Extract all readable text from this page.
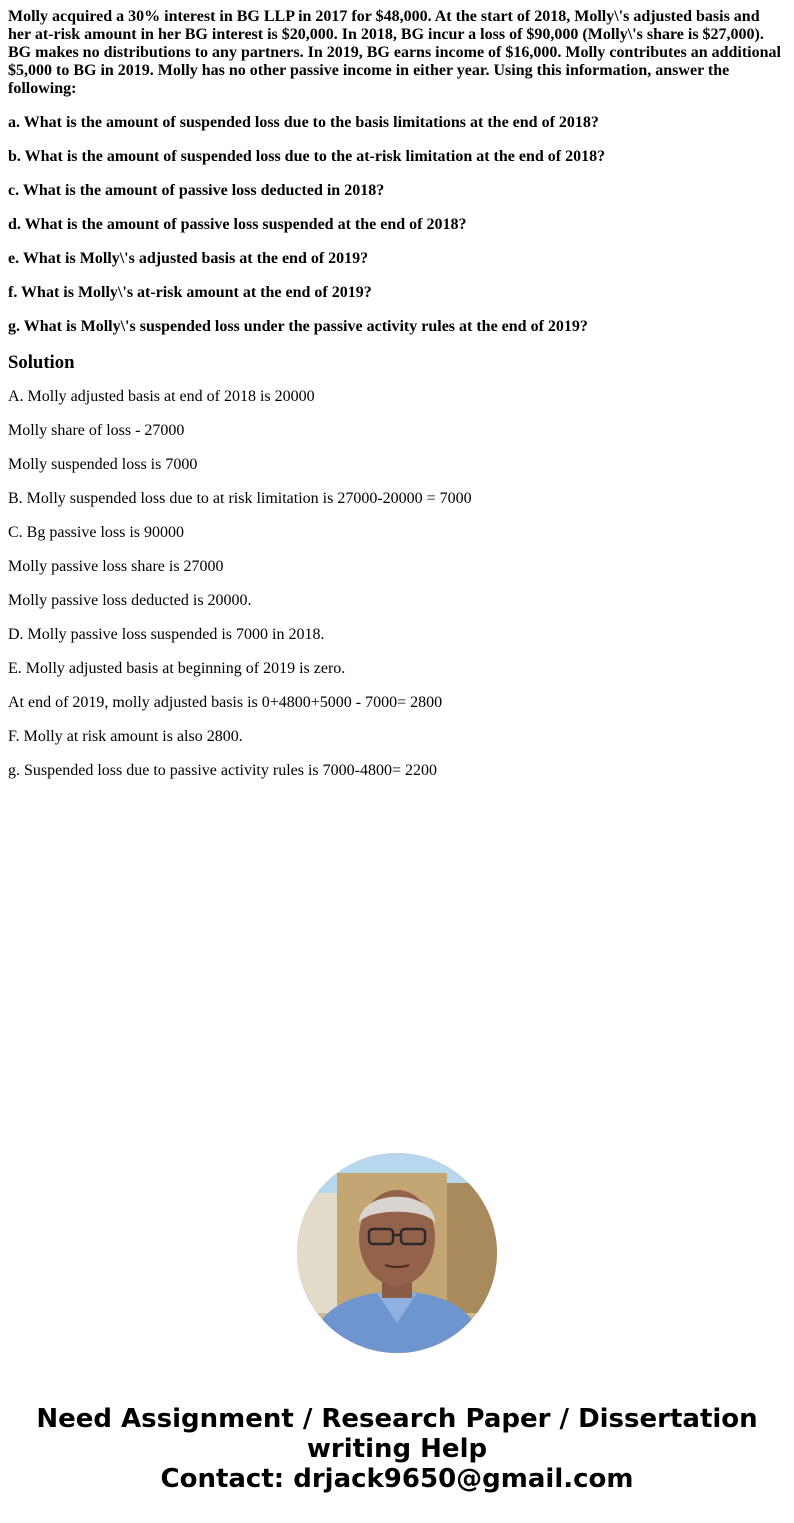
Molly acquired a 30% interest in BG LLP in 2017 for $48,000. At the start of 2018, Molly\'s adjusted basis and her at-risk amount in her BG interest is $20,000. In 2018, BG incur a loss of $90,000 (Molly\'s share is $27,000). BG makes no distributions to any partners. In 2019, BG earns income of $16,000. Molly contributes an additional $5,000 to BG in 2019. Molly has no other passive income in either year. Using this information, answer the following:

a. What is the amount of suspended loss due to the basis limitations at the end of 2018?

b. What is the amount of suspended loss due to the at-risk limitation at the end of 2018?

c. What is the amount of passive loss deducted in 2018?

d. What is the amount of passive loss suspended at the end of 2018?

e. What is Molly\'s adjusted basis at the end of 2019?

f. What is Molly\'s at-risk amount at the end of 2019?

g. What is Molly\'s suspended loss under the passive activity rules at the end of 2019?

Solution

A. Molly adjusted basis at end of 2018 is 20000

Molly share of loss - 27000

Molly suspended loss is 7000

B. Molly suspended loss due to at risk limitation is 27000-20000 = 7000

C. Bg passive loss is 90000

Molly passive loss share is 27000

Molly passive loss deducted is 20000.

D. Molly passive loss suspended is 7000 in 2018.

E. Molly adjusted basis at beginning of 2019 is zero.

At end of 2019, molly adjusted basis is 0+4800+5000 - 7000= 2800

F. Molly at risk amount is also 2800.

g. Suspended loss due to passive activity rules is 7000-4800= 2200

Need Assignment / Research Paper / Dissertation
writing Help
Contact: drjack9650@gmail.com
